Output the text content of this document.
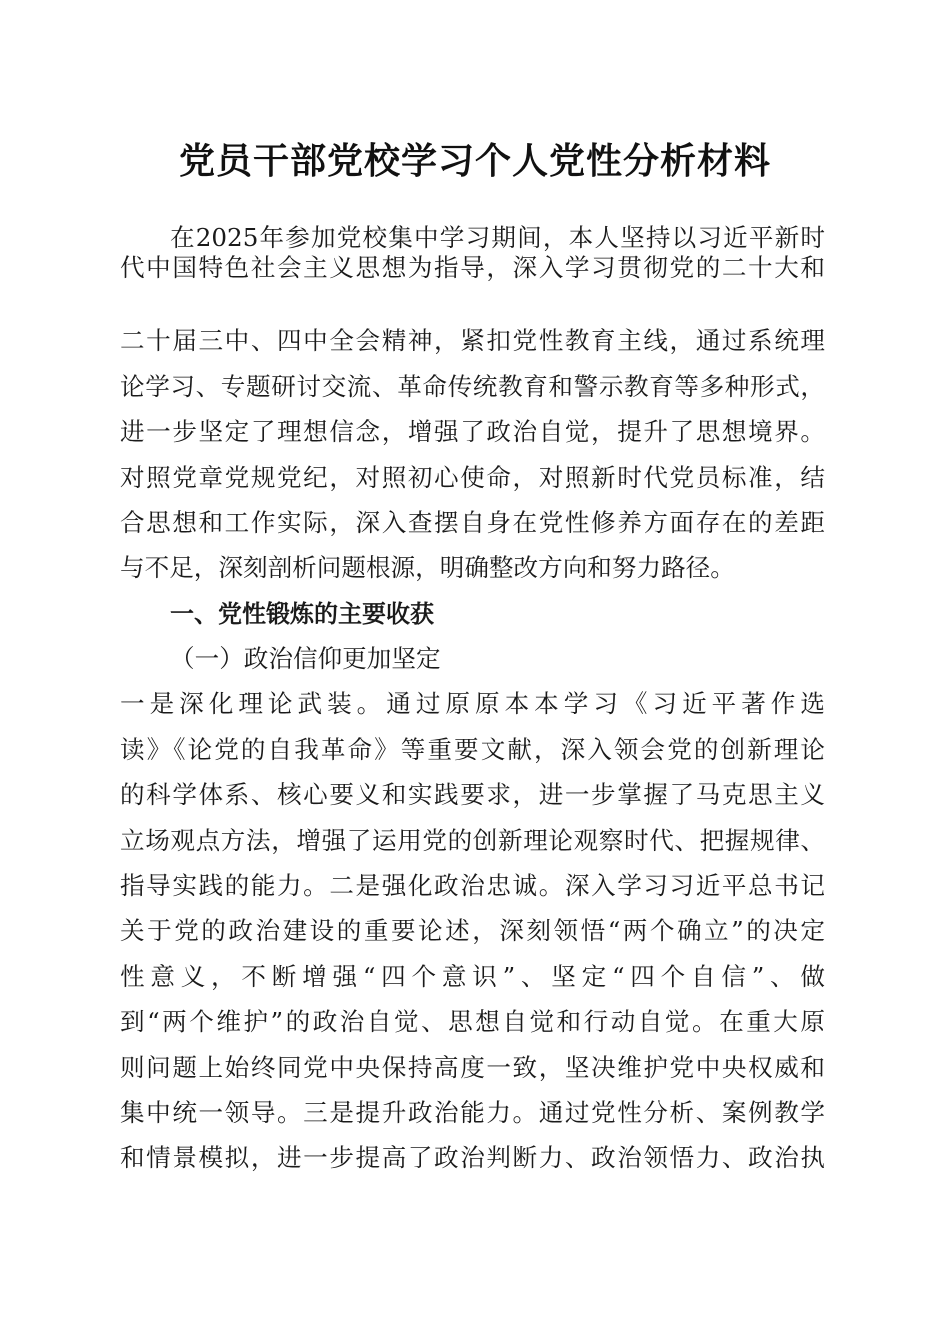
党员干部党校学习个人党性分析材料
在2025年参加党校集中学习期间，本人坚持以习近平新时
代中国特色社会主义思想为指导，深入学习贯彻党的二十大和
二十届三中、四中全会精神，紧扣党性教育主线，通过系统理
论学习、专题研讨交流、革命传统教育和警示教育等多种形式，
进一步坚定了理想信念，增强了政治自觉，提升了思想境界。
对照党章党规党纪，对照初心使命，对照新时代党员标准，结
合思想和工作实际，深入查摆自身在党性修养方面存在的差距
与不足，深刻剖析问题根源，明确整改方向和努力路径。
一、党性锻炼的主要收获
（一）政治信仰更加坚定
一是深化理论武装。通过原原本本学习《习近平著作选
读》《论党的自我革命》等重要文献，深入领会党的创新理论
的科学体系、核心要义和实践要求，进一步掌握了马克思主义
立场观点方法，增强了运用党的创新理论观察时代、把握规律、
指导实践的能力。二是强化政治忠诚。深入学习习近平总书记
关于党的政治建设的重要论述，深刻领悟“两个确立”的决定
性意义，不断增强“四个意识”、坚定“四个自信”、做
到“两个维护”的政治自觉、思想自觉和行动自觉。在重大原
则问题上始终同党中央保持高度一致，坚决维护党中央权威和
集中统一领导。三是提升政治能力。通过党性分析、案例教学
和情景模拟，进一步提高了政治判断力、政治领悟力、政治执
